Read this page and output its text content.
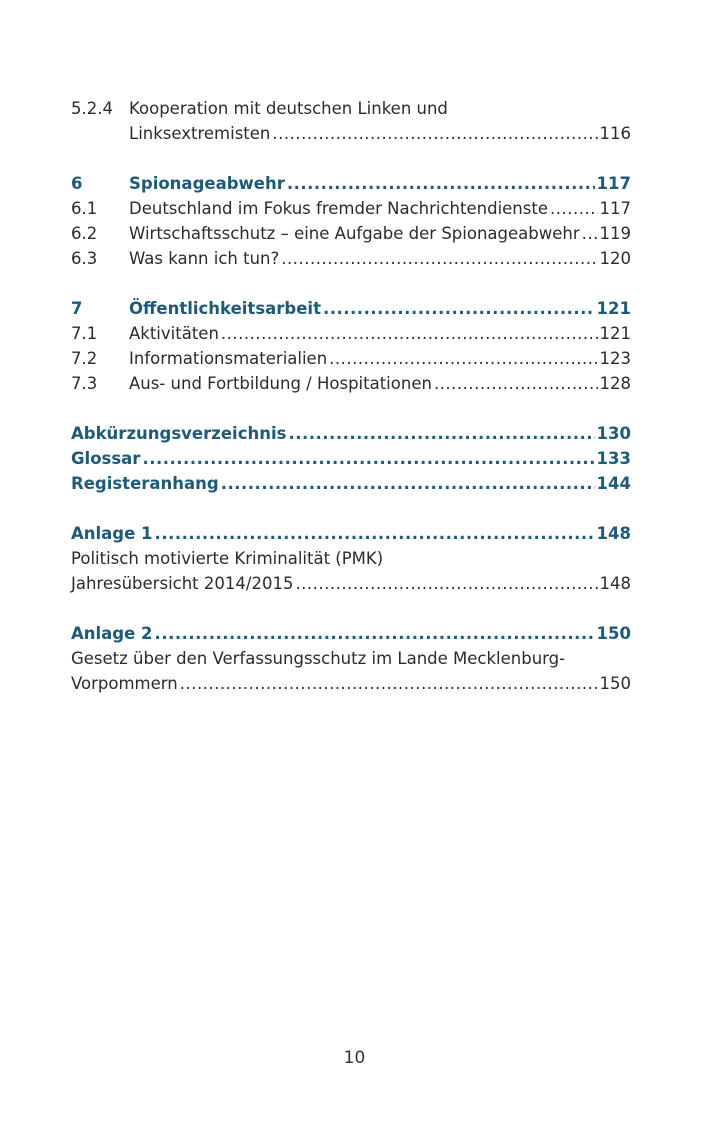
5.2.4 Kooperation mit deutschen Linken und
Linksextremisten .....	116
6	Spionageabwehr .....	117
6.1	Deutschland im Fokus fremder Nachrichtendienste .....	117
6.2	Wirtschaftsschutz – eine Aufgabe der Spionageabwehr ..... 119
6.3	Was kann ich tun? .....	120
7	Öffentlichkeitsarbeit .....	121
7.1	Aktivitäten .....	121
7.2	Informationsmaterialien .....	123
7.3	Aus- und Fortbildung / Hospitationen .....	128
Abkürzungsverzeichnis .....	130
Glossar .....	133
Registeranhang .....	144
Anlage 1 .....	148
Politisch motivierte Kriminalität (PMK)
Jahresübersicht 2014/2015 .....	148
Anlage 2 .....	150
Gesetz über den Verfassungsschutz im Lande Mecklenburg-
Vorpommern .....	150
10
